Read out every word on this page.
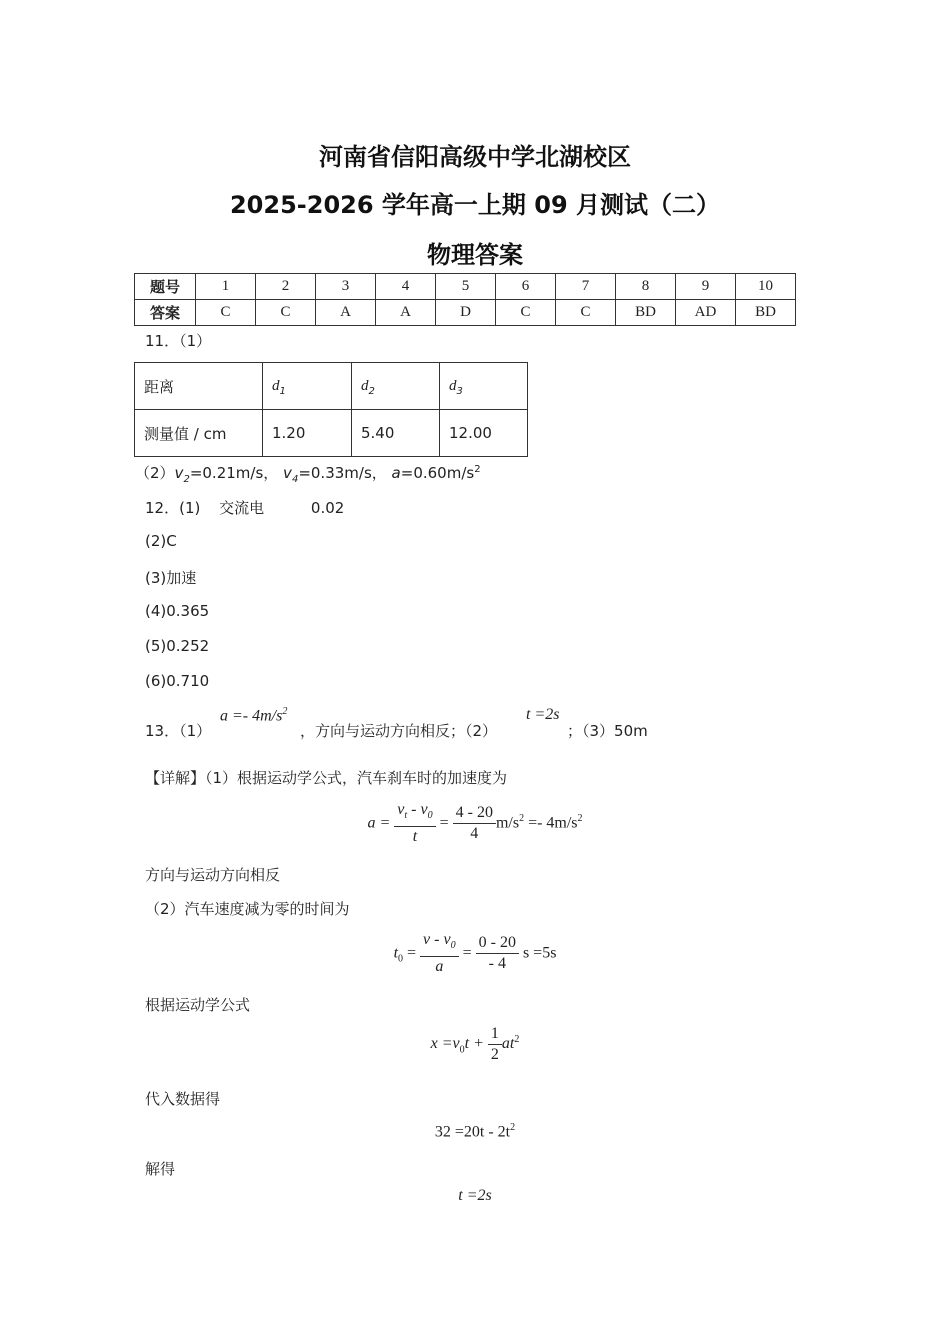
河南省信阳高级中学北湖校区
2025-2026 学年高一上期 09 月测试（二）
物理答案
题号	1	2	3	4	5	6	7	8	9	10
答案	C	C	A	A	D	C	C	BD	AD	BD
11．（1）
距离	$d_1$	$d_2$	$d_3$
测量值 / cm	1.20	5.40	12.00
$(2)v_2=0.21m/s$， $v_4=0.33m/s$， $a=0.60m/s^2$
12．(1) 交流电	0.02
(2)C
(3)加速
(4)0.365
(5)0.252
(6)0.710
13．（1）
$a =- 4m/s^2$
，方向与运动方向相反；（2）
t =2s
；（3）50m
【详解】（1）根据运动学公式，汽车刹车时的加速度为
$a = \frac{v_t - v_0}{t} = \frac{4 - 20}{4} m/s^2 =- 4m/s^2$
方向与运动方向相反
（2）汽车速度减为零的时间为
$t_0 = \frac{v - v_0}{a} = \frac{0 - 20}{- 4}$ s =5s
根据运动学公式
$x =v_0t + \frac{1}{2} at^2$
代入数据得
$32 =20t - 2t^2$
解得
t =2s
